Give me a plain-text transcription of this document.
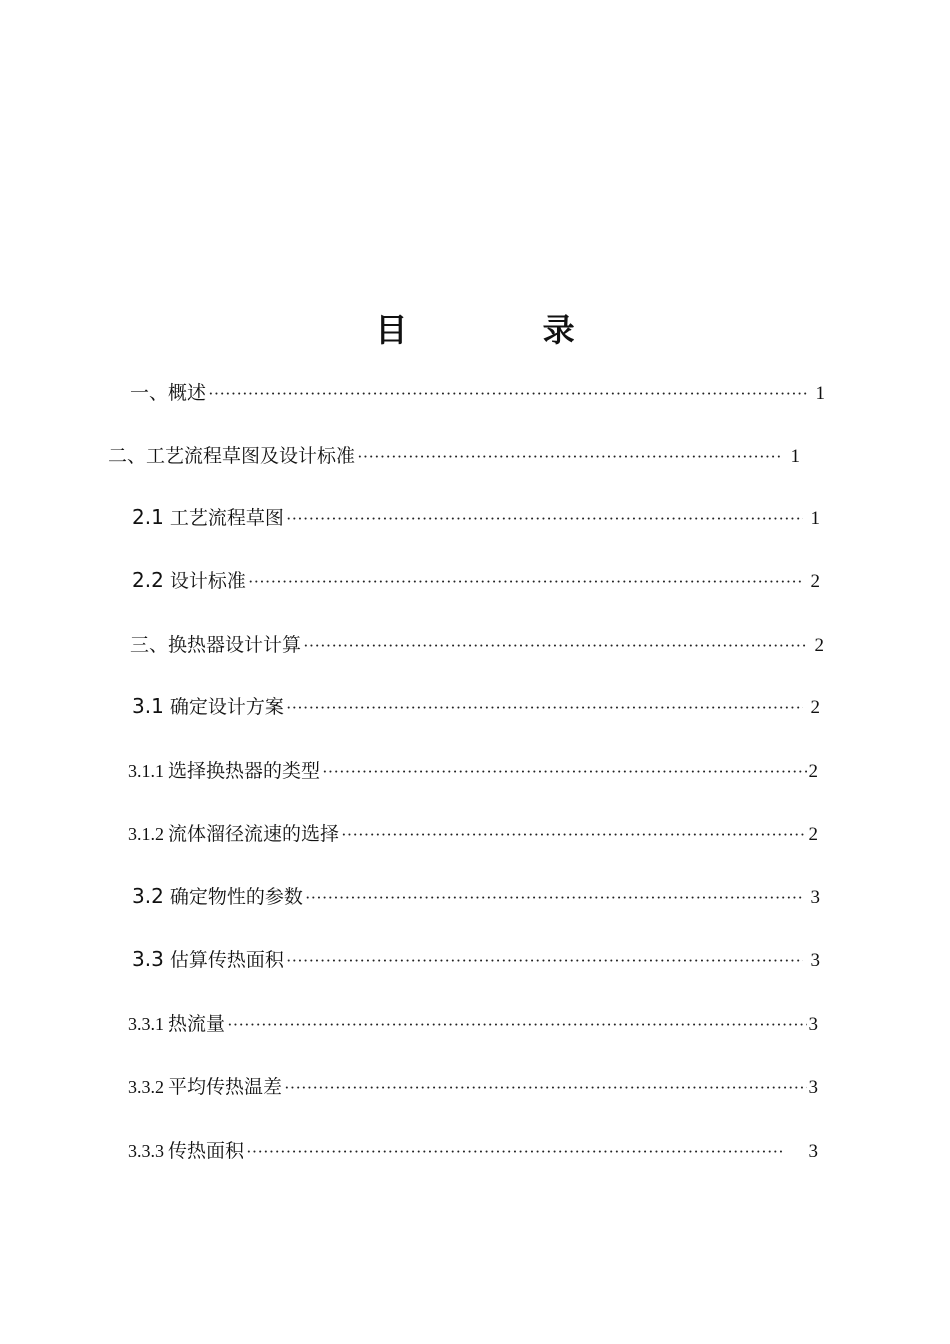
目 录
一、概述 ·····	1
二、工艺流程草图及设计标准 ·····	1
2.1 工艺流程草图 ·····	1
2.2 设计标准 ·····	2
三、换热器设计计算 ·····	2
3.1 确定设计方案 ·····	2
3.1.1 选择换热器的类型 ·····	2
3.1.2 流体溜径流速的选择 ·····	2
3.2 确定物性的参数 ·····	3
3.3 估算传热面积 ·····	3
3.3.1 热流量 ·····	3
3.3.2 平均传热温差 ·····	3
3.3.3 传热面积 ·····	3
